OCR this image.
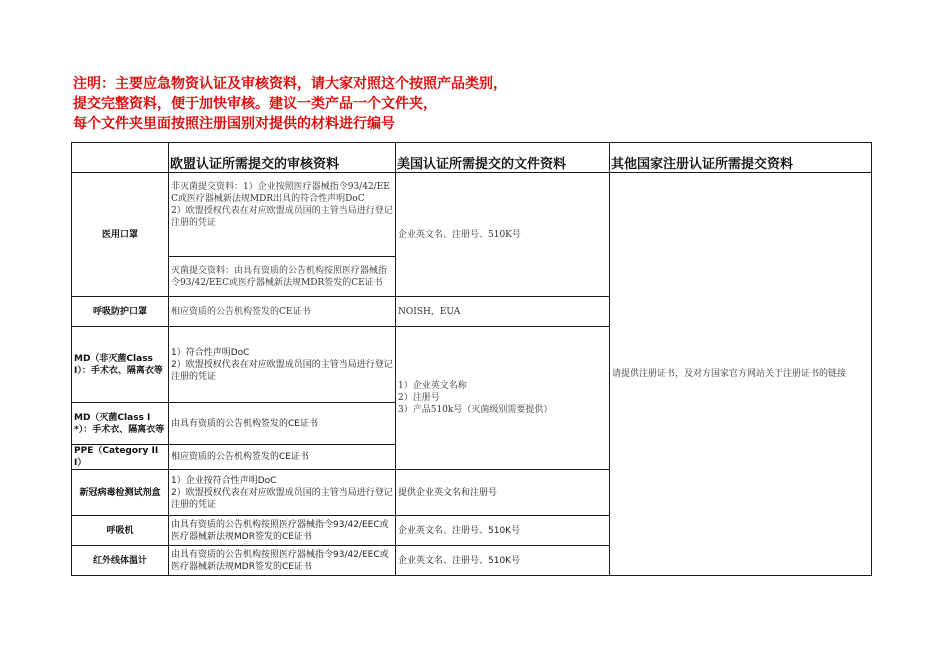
注明：主要应急物资认证及审核资料，请大家对照这个按照产品类别，
提交完整资料，便于加快审核。建议一类产品一个文件夹，
每个文件夹里面按照注册国别对提供的材料进行编号
	欧盟认证所需提交的审核资料	美国认证所需提交的文件资料	其他国家注册认证所需提交资料
医用口罩	非灭菌提交资料：1）企业按照医疗器械指令93/42/EEC或医疗器械新法规MDR出具的符合性声明DoC
2）欧盟授权代表在对应欧盟成员国的主管当局进行登记注册的凭证	企业英文名、注册号、510K号	请提供注册证书，及对方国家官方网站关于注册证书的链接
	灭菌提交资料：由具有资质的公告机构按照医疗器械指令93/42/EEC或医疗器械新法规MDR签发的CE证书		
呼吸防护口罩	相应资质的公告机构签发的CE证书	NOISH，EUA	
MD（非灭菌Class I）：手术衣、隔离衣等	1）符合性声明DoC
2）欧盟授权代表在对应欧盟成员国的主管当局进行登记注册的凭证	1）企业英文名称
2）注册号
3）产品510k号（灭菌级别需要提供）	
MD（灭菌Class I*）：手术衣、隔离衣等	由具有资质的公告机构签发的CE证书		
PPE（Category III）	相应资质的公告机构签发的CE证书		
新冠病毒检测试剂盒	1）企业按符合性声明DoC
2）欧盟授权代表在对应欧盟成员国的主管当局进行登记注册的凭证	提供企业英文名和注册号	
呼吸机	由具有资质的公告机构按照医疗器械指令93/42/EEC或医疗器械新法规MDR签发的CE证书	企业英文名、注册号、510K号	
红外线体温计	由具有资质的公告机构按照医疗器械指令93/42/EEC或医疗器械新法规MDR签发的CE证书	企业英文名、注册号、510K号	
